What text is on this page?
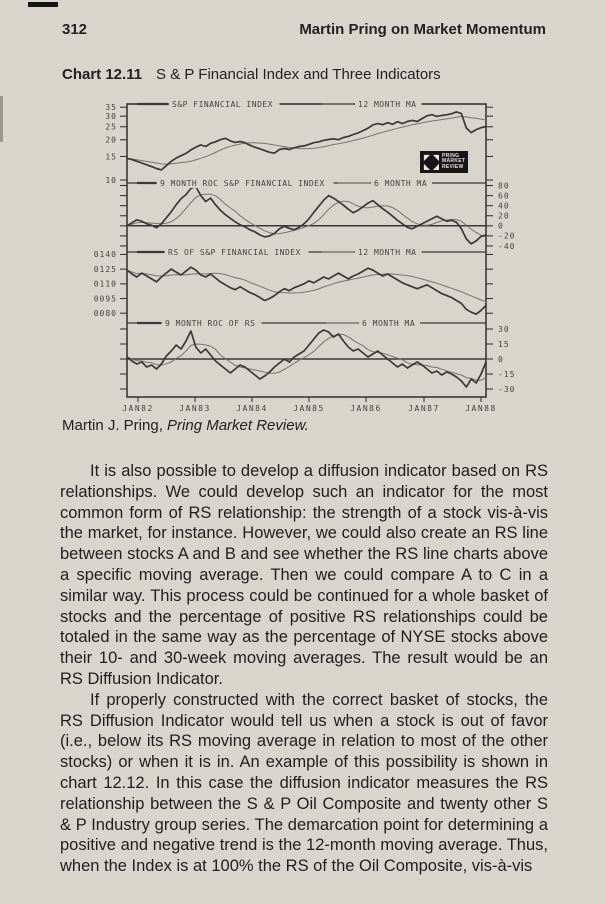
312	Martin Pring on Market Momentum
Chart 12.11 S & P Financial Index and Three Indicators
35
30
25
20
15
10
S&P FINANCIAL INDEX	12 MONTH MA
80
60
40
20
0
-20
-40
9 MONTH ROC S&P FINANCIAL INDEX	6 MONTH MA
0140
0125
0110
0095
0080
RS OF S&P FINANCIAL INDEX	12 MONTH MA
30
15
0
-15
-30
9 MONTH ROC OF RS	6 MONTH MA
JAN82	JAN83	JAN84	JAN85	JAN86	JAN87	JAN88
◤ ◥
◣ ◢
PRING
MARKET
REVIEW
Martin J. Pring, Pring Market Review.

It is also possible to develop a diffusion indicator based on RS relationships. We could develop such an indicator for the most common form of RS relationship: the strength of a stock vis-à-vis the market, for instance. However, we could also create an RS line between stocks A and B and see whether the RS line charts above a specific moving average. Then we could compare A to C in a similar way. This process could be continued for a whole basket of stocks and the percentage of positive RS relationships could be totaled in the same way as the percentage of NYSE stocks above their 10- and 30-week moving averages. The result would be an RS Diffusion Indicator.

If properly constructed with the correct basket of stocks, the RS Diffusion Indicator would tell us when a stock is out of favor (i.e., below its RS moving average in relation to most of the other stocks) or when it is in. An example of this possibility is shown in chart 12.12. In this case the diffusion indicator measures the RS relationship between the S & P Oil Composite and twenty other S & P Industry group series. The demarcation point for determining a positive and negative trend is the 12-month moving average. Thus, when the Index is at 100% the RS of the Oil Composite, vis-à-vis
